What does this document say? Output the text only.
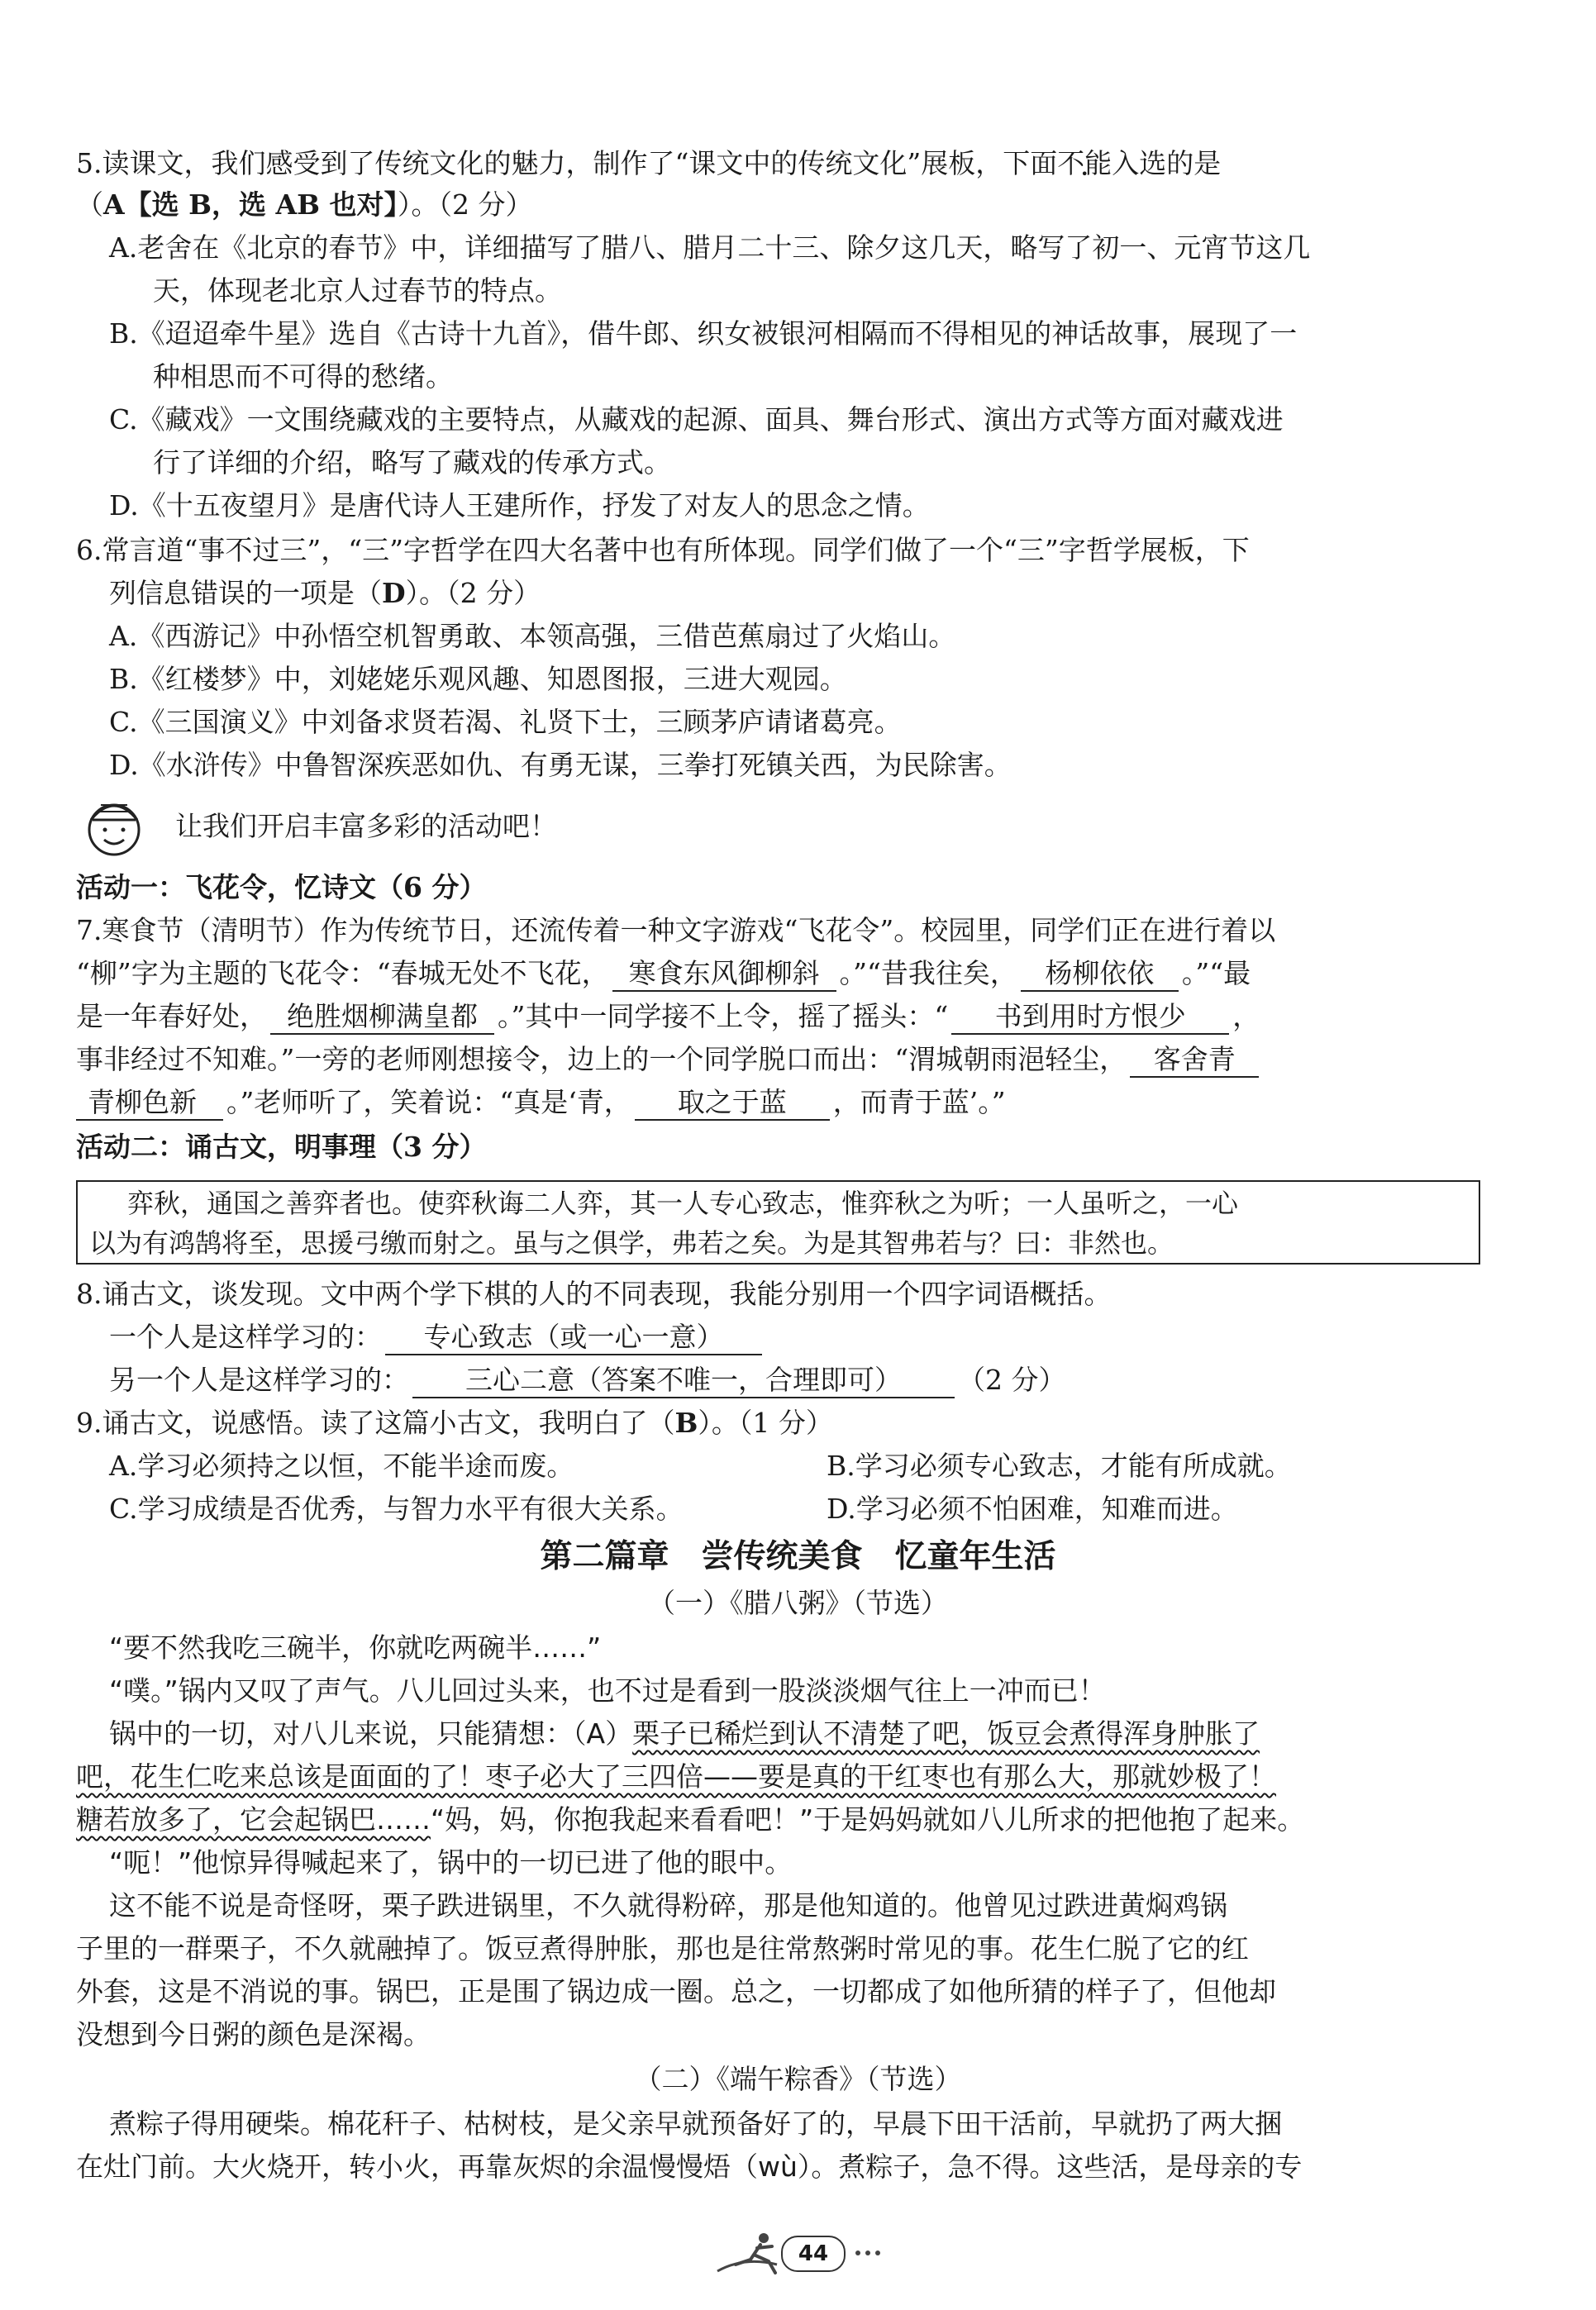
5.读课文，我们感受到了传统文化的魅力，制作了“课文中的传统文化”展板，下面不能入选的是
（A【选 B，选 AB 也对】）。（2 分）
A.老舍在《北京的春节》中，详细描写了腊八、腊月二十三、除夕这几天，略写了初一、元宵节这几
天，体现老北京人过春节的特点。
B.《迢迢牵牛星》选自《古诗十九首》，借牛郎、织女被银河相隔而不得相见的神话故事，展现了一
种相思而不可得的愁绪。
C.《藏戏》一文围绕藏戏的主要特点，从藏戏的起源、面具、舞台形式、演出方式等方面对藏戏进
行了详细的介绍，略写了藏戏的传承方式。
D.《十五夜望月》是唐代诗人王建所作，抒发了对友人的思念之情。
6.常言道“事不过三”，“三”字哲学在四大名著中也有所体现。同学们做了一个“三”字哲学展板，下
列信息错误的一项是（D）。（2 分）
A.《西游记》中孙悟空机智勇敢、本领高强，三借芭蕉扇过了火焰山。
B.《红楼梦》中，刘姥姥乐观风趣、知恩图报，三进大观园。
C.《三国演义》中刘备求贤若渴、礼贤下士，三顾茅庐请诸葛亮。
D.《水浒传》中鲁智深疾恶如仇、有勇无谋，三拳打死镇关西，为民除害。
让我们开启丰富多彩的活动吧！
活动一：飞花令，忆诗文（6 分）
7.寒食节（清明节）作为传统节日，还流传着一种文字游戏“飞花令”。校园里，同学们正在进行着以
“柳”字为主题的飞花令：“春城无处不飞花， 寒食东风御柳斜 。”“昔我往矣， 杨柳依依 。”“最
是一年春好处， 绝胜烟柳满皇都 。”其中一同学接不上令，摇了摇头：“ 书到用时方恨少 ，
事非经过不知难。”一旁的老师刚想接令，边上的一个同学脱口而出：“渭城朝雨浥轻尘， 客舍青
青柳色新 。”老师听了，笑着说：“真是‘青， 取之于蓝 ，而青于蓝’。”
活动二：诵古文，明事理（3 分）
弈秋，通国之善弈者也。使弈秋诲二人弈，其一人专心致志，惟弈秋之为听；一人虽听之，一心
以为有鸿鹄将至，思援弓缴而射之。虽与之俱学，弗若之矣。为是其智弗若与？曰：非然也。
8.诵古文，谈发现。文中两个学下棋的人的不同表现，我能分别用一个四字词语概括。
一个人是这样学习的： 专心致志（或一心一意）
另一个人是这样学习的： 三心二意（答案不唯一，合理即可） （2 分）
9.诵古文，说感悟。读了这篇小古文，我明白了（B）。（1 分）
A.学习必须持之以恒，不能半途而废。	B.学习必须专心致志，才能有所成就。
C.学习成绩是否优秀，与智力水平有很大关系。	D.学习必须不怕困难，知难而进。
第二篇章　尝传统美食　忆童年生活
（一）《腊八粥》（节选）
“要不然我吃三碗半，你就吃两碗半……”
“噗。”锅内又叹了声气。八儿回过头来，也不过是看到一股淡淡烟气往上一冲而已！
锅中的一切，对八儿来说，只能猜想：（A）栗子已稀烂到认不清楚了吧，饭豆会煮得浑身肿胀了
吧，花生仁吃来总该是面面的了！枣子必大了三四倍——要是真的干红枣也有那么大，那就妙极了！
糖若放多了，它会起锅巴……“妈，妈，你抱我起来看看吧！”于是妈妈就如八儿所求的把他抱了起来。
“呃！”他惊异得喊起来了，锅中的一切已进了他的眼中。
这不能不说是奇怪呀，栗子跌进锅里，不久就得粉碎，那是他知道的。他曾见过跌进黄焖鸡锅
子里的一群栗子，不久就融掉了。饭豆煮得肿胀，那也是往常熬粥时常见的事。花生仁脱了它的红
外套，这是不消说的事。锅巴，正是围了锅边成一圈。总之，一切都成了如他所猜的样子了，但他却
没想到今日粥的颜色是深褐。
（二）《端午粽香》（节选）
煮粽子得用硬柴。棉花秆子、枯树枝，是父亲早就预备好了的，早晨下田干活前，早就扔了两大捆
在灶门前。大火烧开，转小火，再靠灰烬的余温慢慢焐（wù）。煮粽子，急不得。这些活，是母亲的专
44
